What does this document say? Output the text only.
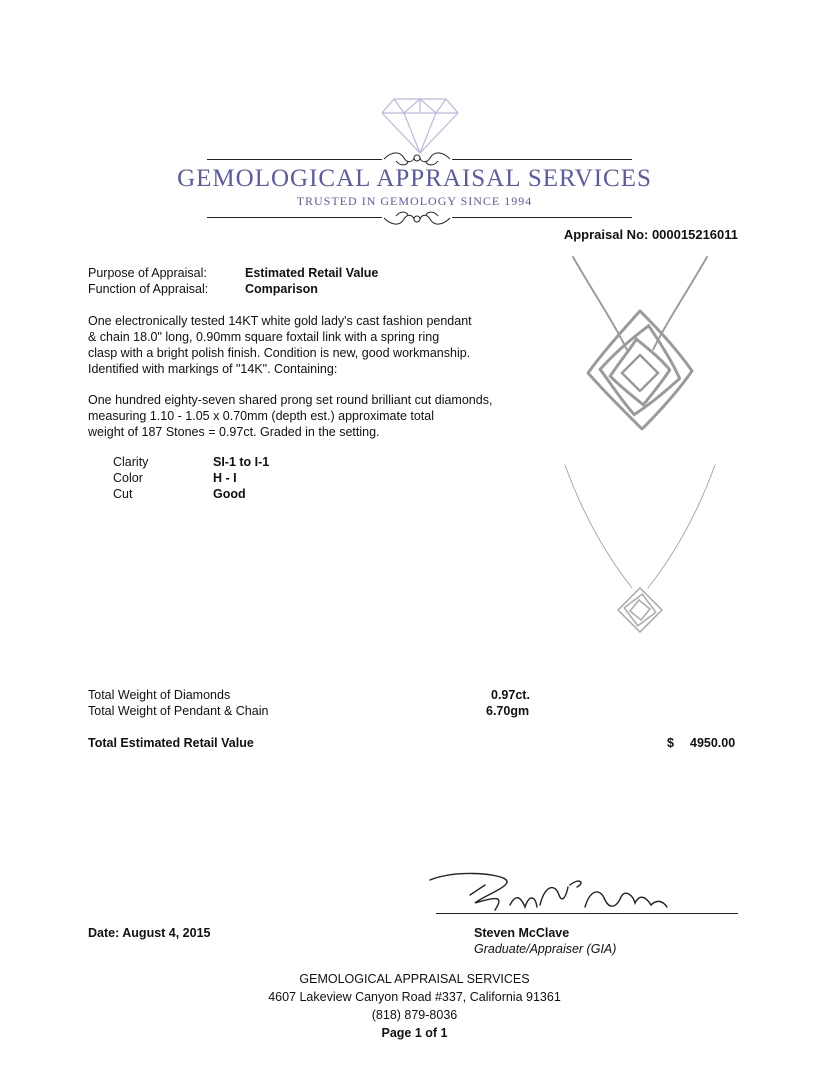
GEMOLOGICAL APPRAISAL SERVICES
TRUSTED IN GEMOLOGY SINCE 1994
Appraisal No: 000015216011
Purpose of Appraisal:	Estimated Retail Value
Function of Appraisal:	Comparison
One electronically tested 14KT white gold lady's cast fashion pendant
& chain 18.0" long, 0.90mm square foxtail link with a spring ring
clasp with a bright polish finish. Condition is new, good workmanship.
Identified with markings of "14K". Containing:
One hundred eighty-seven shared prong set round brilliant cut diamonds,
measuring 1.10 - 1.05 x 0.70mm (depth est.) approximate total
weight of 187 Stones = 0.97ct. Graded in the setting.
Clarity	SI-1 to I-1
Color	H - I
Cut	Good
Total Weight of Diamonds	0.97ct.
Total Weight of Pendant & Chain	6.70gm
Total Estimated Retail Value	$ 4950.00
Date: August 4, 2015	Steven McClave
Graduate/Appraiser (GIA)
GEMOLOGICAL APPRAISAL SERVICES
4607 Lakeview Canyon Road #337, California 91361
(818) 879-8036
Page 1 of 1
